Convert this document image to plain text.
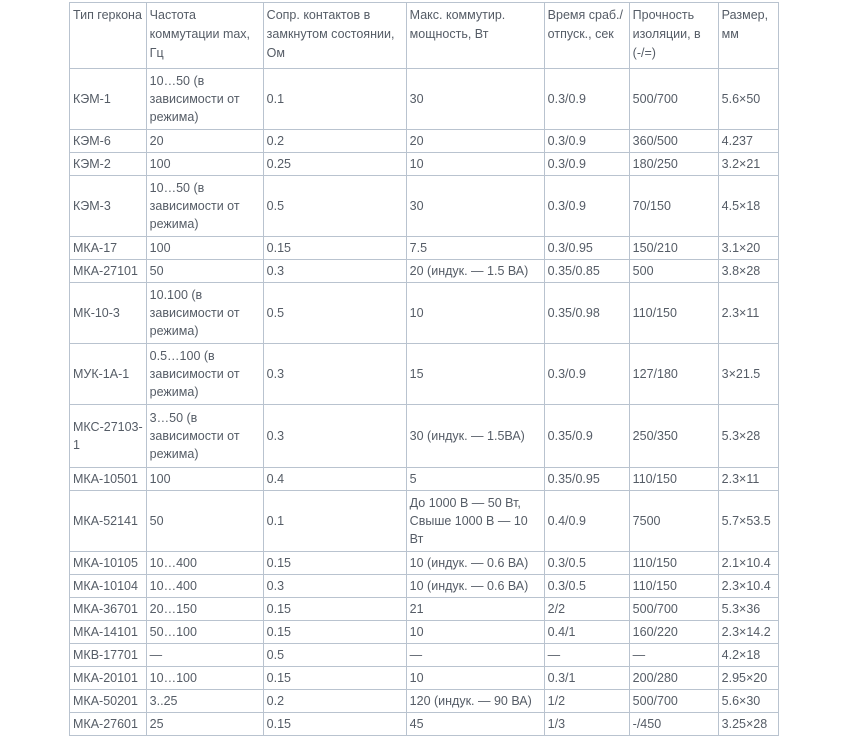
Тип геркона	Частота коммутации max, Гц	Сопр. контактов в замкнутом состоянии, Ом	Макс. коммутир. мощность, Вт	Время сраб./ отпуск., сек	Прочность изоляции, в (-/=)	Размер, мм
КЭМ-1	10…50 (в зависимости от режима)	0.1	30	0.3/0.9	500/700	5.6×50
КЭМ-6	20	0.2	20	0.3/0.9	360/500	4.237
КЭМ-2	100	0.25	10	0.3/0.9	180/250	3.2×21
КЭМ-3	10…50 (в зависимости от режима)	0.5	30	0.3/0.9	70/150	4.5×18
МКА-17	100	0.15	7.5	0.3/0.95	150/210	3.1×20
МКА-27101	50	0.3	20 (индук. — 1.5 ВА)	0.35/0.85	500	3.8×28
МК-10-3	10.100 (в зависимости от режима)	0.5	10	0.35/0.98	110/150	2.3×11
МУК-1А-1	0.5…100 (в зависимости от режима)	0.3	15	0.3/0.9	127/180	3×21.5
МКС-27103-1	3…50 (в зависимости от режима)	0.3	30 (индук. — 1.5ВА)	0.35/0.9	250/350	5.3×28
МКА-10501	100	0.4	5	0.35/0.95	110/150	2.3×11
МКА-52141	50	0.1	До 1000 В — 50 Вт, Свыше 1000 В — 10 Вт	0.4/0.9	7500	5.7×53.5
МКА-10105	10…400	0.15	10 (индук. — 0.6 ВА)	0.3/0.5	110/150	2.1×10.4
МКА-10104	10…400	0.3	10 (индук. — 0.6 ВА)	0.3/0.5	110/150	2.3×10.4
МКА-36701	20…150	0.15	21	2/2	500/700	5.3×36
МКА-14101	50…100	0.15	10	0.4/1	160/220	2.3×14.2
МКВ-17701	—	0.5	—	—	—	4.2×18
МКА-20101	10…100	0.15	10	0.3/1	200/280	2.95×20
МКА-50201	3..25	0.2	120 (индук. — 90 ВА)	1/2	500/700	5.6×30
МКА-27601	25	0.15	45	1/3	-/450	3.25×28
